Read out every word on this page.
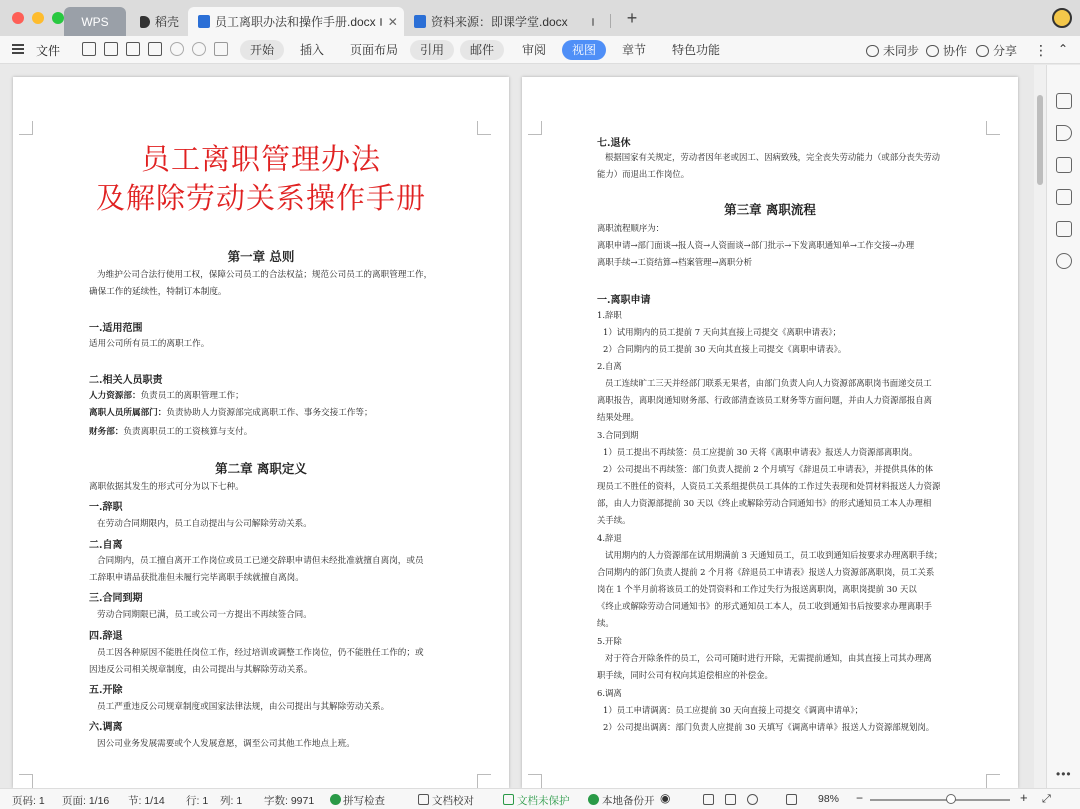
WPS	稻壳	员工离职办法和操作手册.docx ✕	资料来源：即课学堂.docx	+
文件	开始	插入	页面布局	引用	邮件	审阅	视图	章节	特色功能	未同步 协作 分享 ⋮ ⌃
员工离职管理办法
及解除劳动关系操作手册
第一章 总则
为维护公司合法行使用工权，保障公司员工的合法权益；规范公司员工的离职管理工作，
确保工作的延续性，特制订本制度。
一.适用范围
适用公司所有员工的离职工作。
二.相关人员职责
人力资源部：负责员工的离职管理工作；
离职人员所属部门：负责协助人力资源部完成离职工作、事务交接工作等；
财务部：负责离职员工的工资核算与支付。
第二章 离职定义
离职依据其发生的形式可分为以下七种。
一.辞职
在劳动合同期限内，员工自动提出与公司解除劳动关系。
二.自离
合同期内，员工擅自离开工作岗位或员工已递交辞职申请但未经批准就擅自离岗，或员
工辞职申请品获批准但未履行完毕离职手续就擅自离岗。
三.合同到期
劳动合同期限已满，员工或公司一方提出不再续签合同。
四.辞退
员工因各种原因不能胜任岗位工作，经过培训或调整工作岗位，仍不能胜任工作的；或
因违反公司相关规章制度，由公司提出与其解除劳动关系。
五.开除
员工严重违反公司规章制度或国家法律法规，由公司提出与其解除劳动关系。
六.调离
因公司业务发展需要或个人发展意愿，调至公司其他工作地点上班。
七.退休
根据国家有关规定，劳动者因年老或因工、因病致残，完全丧失劳动能力（或部分丧失劳动
能力）而退出工作岗位。
第三章 离职流程
离职流程顺序为：
离职申请→部门面谈→报人资→人资面谈→部门批示→下发离职通知单→工作交接→办理
离职手续→工资结算→档案管理→离职分析
一.离职申请
1.辞职
1）试用期内的员工提前 7 天向其直接上司提交《离职申请表》；
2）合同期内的员工提前 30 天向其直接上司提交《离职申请表》。
2.自离
员工连续旷工三天并经部门联系无果者，由部门负责人向人力资源部离职岗书面递交员工
离职报告，离职岗通知财务部、行政部清查该员工财务等方面问题，并由人力资源部报自离
结果处理。
3.合同到期
1）员工提出不再续签：员工应提前 30 天将《离职申请表》报送人力资源部离职岗。
2）公司提出不再续签：部门负责人提前 2 个月填写《辞退员工申请表》，并提供具体的体
现员工不胜任的资料，人资员工关系组提供员工具体的工作过失表现和处罚材料报送人力资源
部，由人力资源部提前 30 天以《终止或解除劳动合同通知书》的形式通知员工本人办理相
关手续。
4.辞退
试用期内的人力资源部在试用期满前 3 天通知员工，员工收到通知后按要求办理离职手续；
合同期内的部门负责人提前 2 个月将《辞退员工申请表》报送人力资源部离职岗，员工关系
岗在 1 个半月前将该员工的处罚资料和工作过失行为报送离职岗，离职岗提前 30 天以
《终止或解除劳动合同通知书》的形式通知员工本人，员工收到通知书后按要求办理离职手
续。
5.开除
对于符合开除条件的员工，公司可随时进行开除，无需提前通知，由其直接上司其办理离
职手续，同时公司有权向其追偿相应的补偿金。
6.调离
1）员工申请调离：员工应提前 30 天向直接上司提交《调离申请单》；
2）公司提出调离：部门负责人应提前 30 天填写《调离申请单》报送人力资源部规划岗。
•••
页码: 1 页面: 1/16 节: 1/14 行: 1 列: 1 字数: 9971	拼写检查	文档校对	文档未保护	本地备份开 ◉	98% −	+ ⤢
